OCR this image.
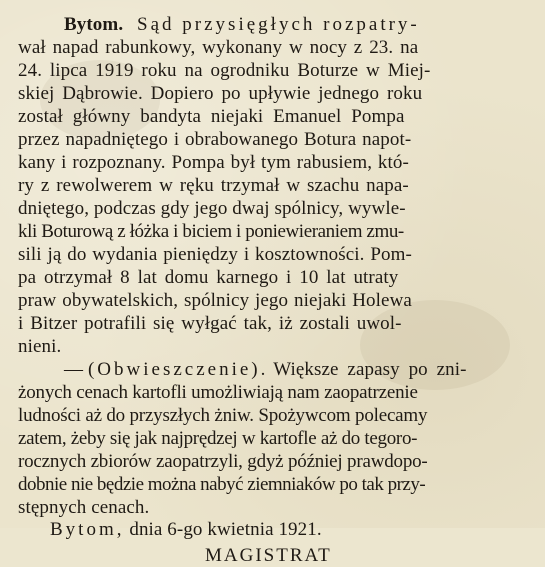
Bytom. Sąd przysięgłych rozpatry-
wał napad rabunkowy, wykonany w nocy z 23. na
24. lipca 1919 roku na ogrodniku Boturze w Miej-
skiej Dąbrowie. Dopiero po upływie jednego roku
został główny bandyta niejaki Emanuel Pompa
przez napadniętego i obrabowanego Botura napot-
kany i rozpoznany. Pompa był tym rabusiem, któ-
ry z rewolwerem w ręku trzymał w szachu napa-
dniętego, podczas gdy jego dwaj spólnicy, wywle-
kli Boturową z łóżka i biciem i poniewieraniem zmu-
sili ją do wydania pieniędzy i kosztowności. Pom-
pa otrzymał 8 lat domu karnego i 10 lat utraty
praw obywatelskich, spólnicy jego niejaki Holewa
i Bitzer potrafili się wyłgać tak, iż zostali uwol-
nieni.
— (Obwieszczenie). Większe zapasy po zni-
żonych cenach kartofli umożliwiają nam zaopatrzenie
ludności aż do przyszłych żniw. Spożywcom polecamy
zatem, żeby się jak najprędzej w kartofle aż do tegoro-
rocznych zbiorów zaopatrzyli, gdyż później prawdopo-
dobnie nie będzie można nabyć ziemniaków po tak przy-
stępnych cenach.
Bytom, dnia 6-go kwietnia 1921.
MAGISTRAT
